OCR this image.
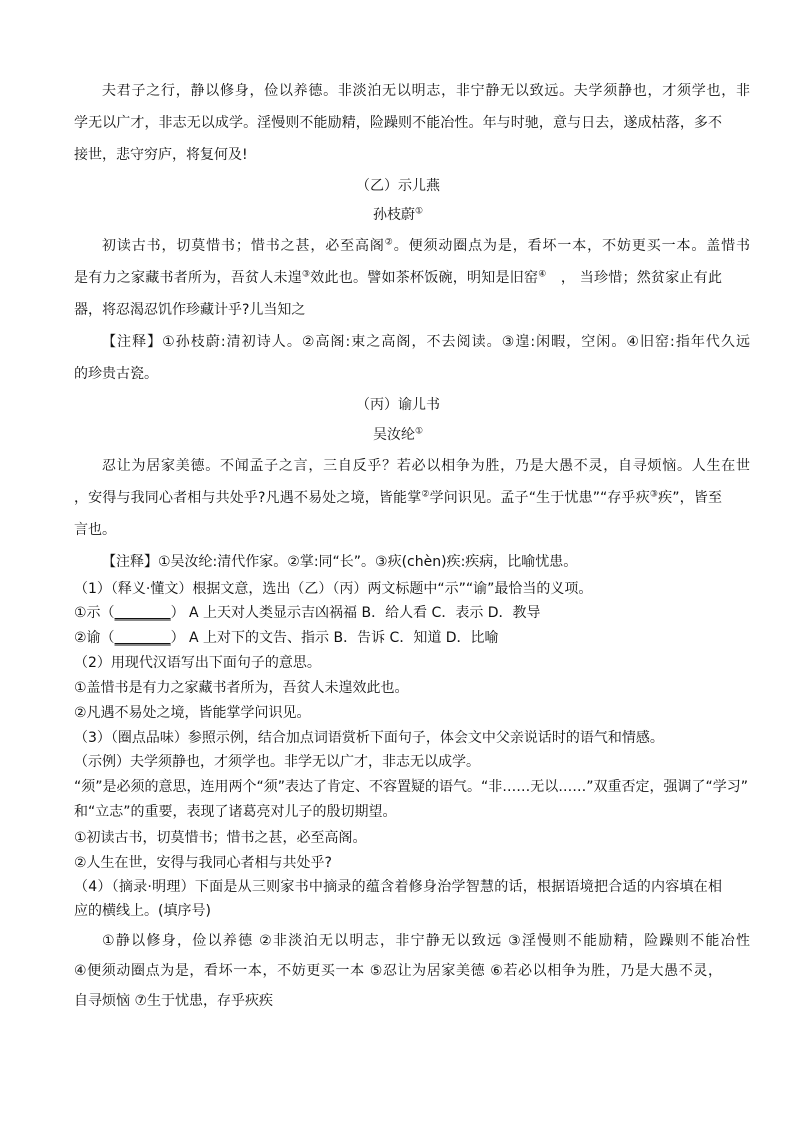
夫君子之行，静以修身，俭以养德。非淡泊无以明志，非宁静无以致远。夫学须静也，才须学也，非
学无以广才，非志无以成学。淫慢则不能励精，险躁则不能冶性。年与时驰，意与日去，遂成枯落，多不
接世，悲守穷庐，将复何及!
（乙）示儿燕
孙枝蔚①
初读古书，切莫惜书；惜书之甚，必至高阁②。便须动圈点为是，看坏一本，不妨更买一本。盖惜书
是有力之家藏书者所为，吾贫人未遑③效此也。譬如茶杯饭碗，明知是旧窑④　， 当珍惜；然贫家止有此
器，将忍渴忍饥作珍藏计乎?儿当知之
【注释】①孙枝蔚:清初诗人。②高阁:束之高阁，不去阅读。③遑:闲暇，空闲。④旧窑:指年代久远
的珍贵古瓷。
（丙）谕儿书
吴汝纶①
忍让为居家美德。不闻孟子之言，三自反乎？若必以相争为胜，乃是大愚不灵，自寻烦恼。人生在世
，安得与我同心者相与共处乎?凡遇不易处之境，皆能掌②学问识见。孟子“生于忧患”“存乎疢③疾”，皆至
言也。
【注释】①吴汝纶:清代作家。②掌:同“长”。③疢(chèn)疾:疾病，比喻忧患。
（1）（释义·懂文）根据文意，选出（乙）（丙）两文标题中“示”“谕”最恰当的义项。
①示（________） A 上天对人类显示吉凶祸福 B．给人看 C．表示 D．教导
②谕（________） A 上对下的文告、指示 B．告诉 C．知道 D．比喻
（2）用现代汉语写出下面句子的意思。
①盖惜书是有力之家藏书者所为，吾贫人未遑效此也。
②凡遇不易处之境，皆能掌学问识见。
（3）（圈点品味）参照示例，结合加点词语赏析下面句子，体会文中父亲说话时的语气和情感。
（示例）夫学须静也，才须学也。非学无以广才，非志无以成学。
“须”是必须的意思，连用两个“须”表达了肯定、不容置疑的语气。“非……无以……”双重否定，强调了“学习”
和“立志”的重要，表现了诸葛亮对儿子的殷切期望。
①初读古书，切莫惜书；惜书之甚，必至高阁。
②人生在世，安得与我同心者相与共处乎?
（4）（摘录·明理）下面是从三则家书中摘录的蕴含着修身治学智慧的话，根据语境把合适的内容填在相
应的横线上。(填序号)
①静以修身，俭以养德 ②非淡泊无以明志，非宁静无以致远 ③淫慢则不能励精，险躁则不能冶性
④便须动圈点为是，看坏一本，不妨更买一本 ⑤忍让为居家美德 ⑥若必以相争为胜，乃是大愚不灵，
自寻烦恼 ⑦生于忧患，存乎疢疾
